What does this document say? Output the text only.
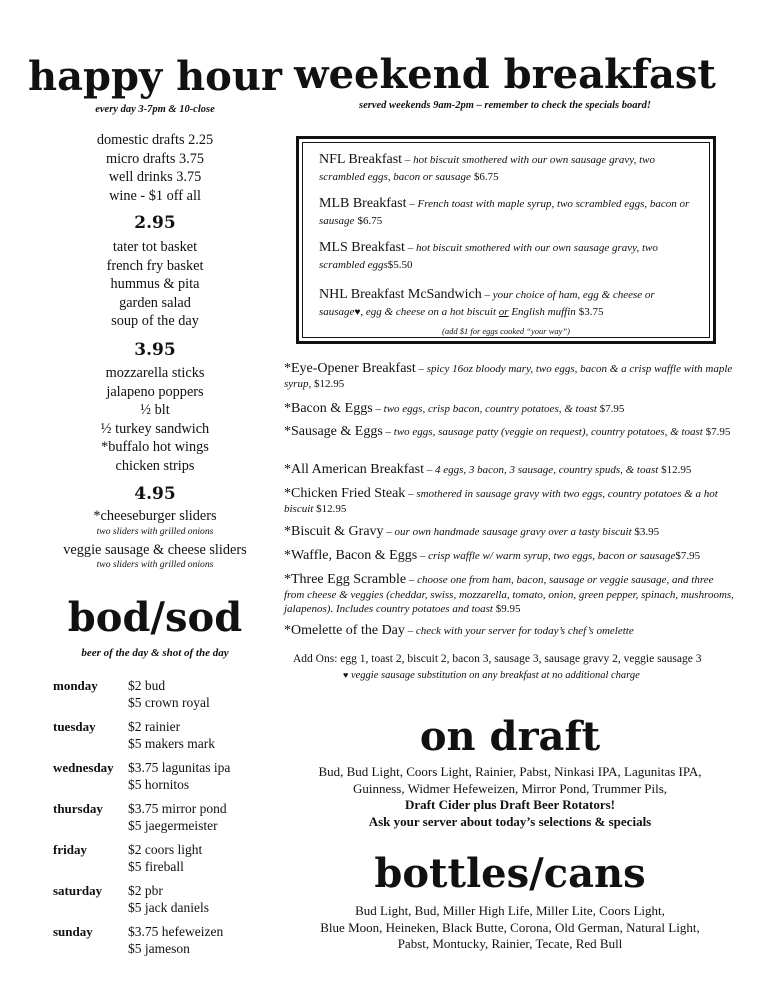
happy hour
every day 3-7pm & 10-close
domestic drafts 2.25
micro drafts 3.75
well drinks 3.75
wine - $1 off all
2.95
tater tot basket
french fry basket
hummus & pita
garden salad
soup of the day
3.95
mozzarella sticks
jalapeno poppers
½ blt
½ turkey sandwich
*buffalo hot wings
chicken strips
4.95
*cheeseburger sliders
two sliders with grilled onions
veggie sausage & cheese sliders
two sliders with grilled onions
bod/sod
beer of the day & shot of the day
monday $2 bud
$5 crown royal
tuesday $2 rainier
$5 makers mark
wednesday $3.75 lagunitas ipa
$5 hornitos
thursday $3.75 mirror pond
$5 jaegermeister
friday	$2 coors light
$5 fireball
saturday $2 pbr
$5 jack daniels
sunday	$3.75 hefeweizen
$5 jameson
weekend breakfast
served weekends 9am-2pm – remember to check the specials board!
NFL Breakfast – hot biscuit smothered with our own sausage gravy, two scrambled eggs, bacon or sausage $6.75
MLB Breakfast – French toast with maple syrup, two scrambled eggs, bacon or sausage $6.75
MLS Breakfast – hot biscuit smothered with our own sausage gravy, two scrambled eggs$5.50
NHL Breakfast McSandwich – your choice of ham, egg & cheese or sausage♥, egg & cheese on a hot biscuit or English muffin $3.75
(add $1 for eggs cooked “your way”)
*Eye-Opener Breakfast – spicy 16oz bloody mary, two eggs, bacon & a crisp waffle with maple syrup, $12.95
*Bacon & Eggs – two eggs, crisp bacon, country potatoes, & toast $7.95
*Sausage & Eggs – two eggs, sausage patty (veggie on request), country potatoes, & toast $7.95
*All American Breakfast – 4 eggs, 3 bacon, 3 sausage, country spuds, & toast $12.95
*Chicken Fried Steak – smothered in sausage gravy with two eggs, country potatoes & a hot biscuit $12.95
*Biscuit & Gravy – our own handmade sausage gravy over a tasty biscuit $3.95
*Waffle, Bacon & Eggs – crisp waffle w/ warm syrup, two eggs, bacon or sausage$7.95
*Three Egg Scramble – choose one from ham, bacon, sausage or veggie sausage, and three from cheese & veggies (cheddar, swiss, mozzarella, tomato, onion, green pepper, spinach, mushrooms, jalapenos). Includes country potatoes and toast $9.95
*Omelette of the Day – check with your server for today’s chef’s omelette
Add Ons: egg 1, toast 2, biscuit 2, bacon 3, sausage 3, sausage gravy 2, veggie sausage 3
♥ veggie sausage substitution on any breakfast at no additional charge
on draft
Bud, Bud Light, Coors Light, Rainier, Pabst, Ninkasi IPA, Lagunitas IPA,
Guinness, Widmer Hefeweizen, Mirror Pond, Trummer Pils,
Draft Cider plus Draft Beer Rotators!
Ask your server about today’s selections & specials
bottles/cans
Bud Light, Bud, Miller High Life, Miller Lite, Coors Light,
Blue Moon, Heineken, Black Butte, Corona, Old German, Natural Light,
Pabst, Montucky, Rainier, Tecate, Red Bull
